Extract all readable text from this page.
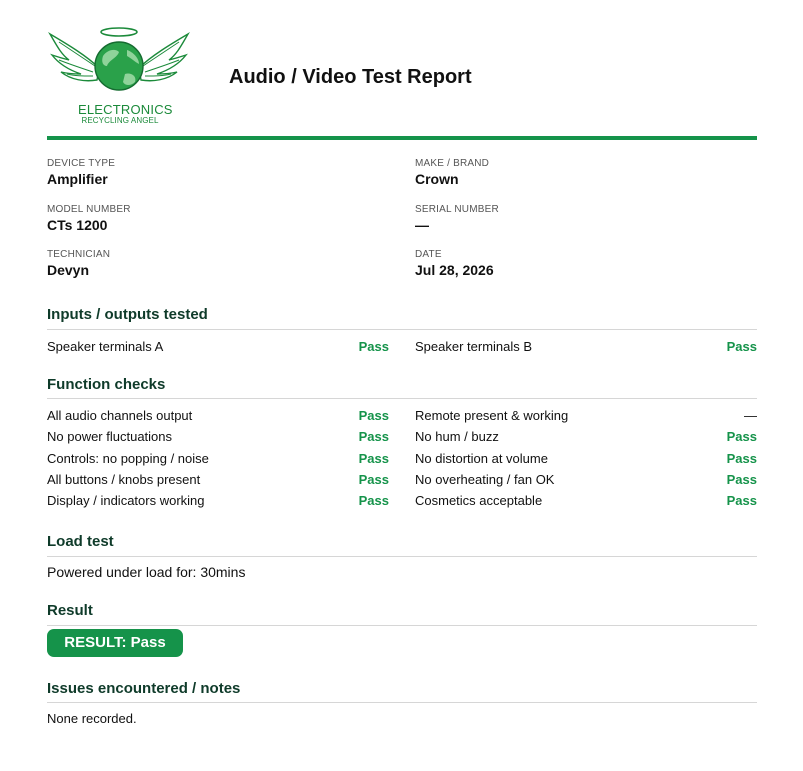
ELECTRONICS
RECYCLING ANGEL
Audio / Video Test Report
DEVICE TYPE
Amplifier
MAKE / BRAND
Crown
MODEL NUMBER
CTs 1200
SERIAL NUMBER
—
TECHNICIAN
Devyn
DATE
Jul 28, 2026
Inputs / outputs tested
Speaker terminals A	Pass Speaker terminals B	Pass
Function checks
All audio channels output	Pass Remote present & working	—
No power fluctuations	Pass No hum / buzz	Pass
Controls: no popping / noise	Pass No distortion at volume	Pass
All buttons / knobs present	Pass No overheating / fan OK	Pass
Display / indicators working	Pass Cosmetics acceptable	Pass
Load test
Powered under load for: 30mins
Result
RESULT: Pass
Issues encountered / notes
None recorded.
